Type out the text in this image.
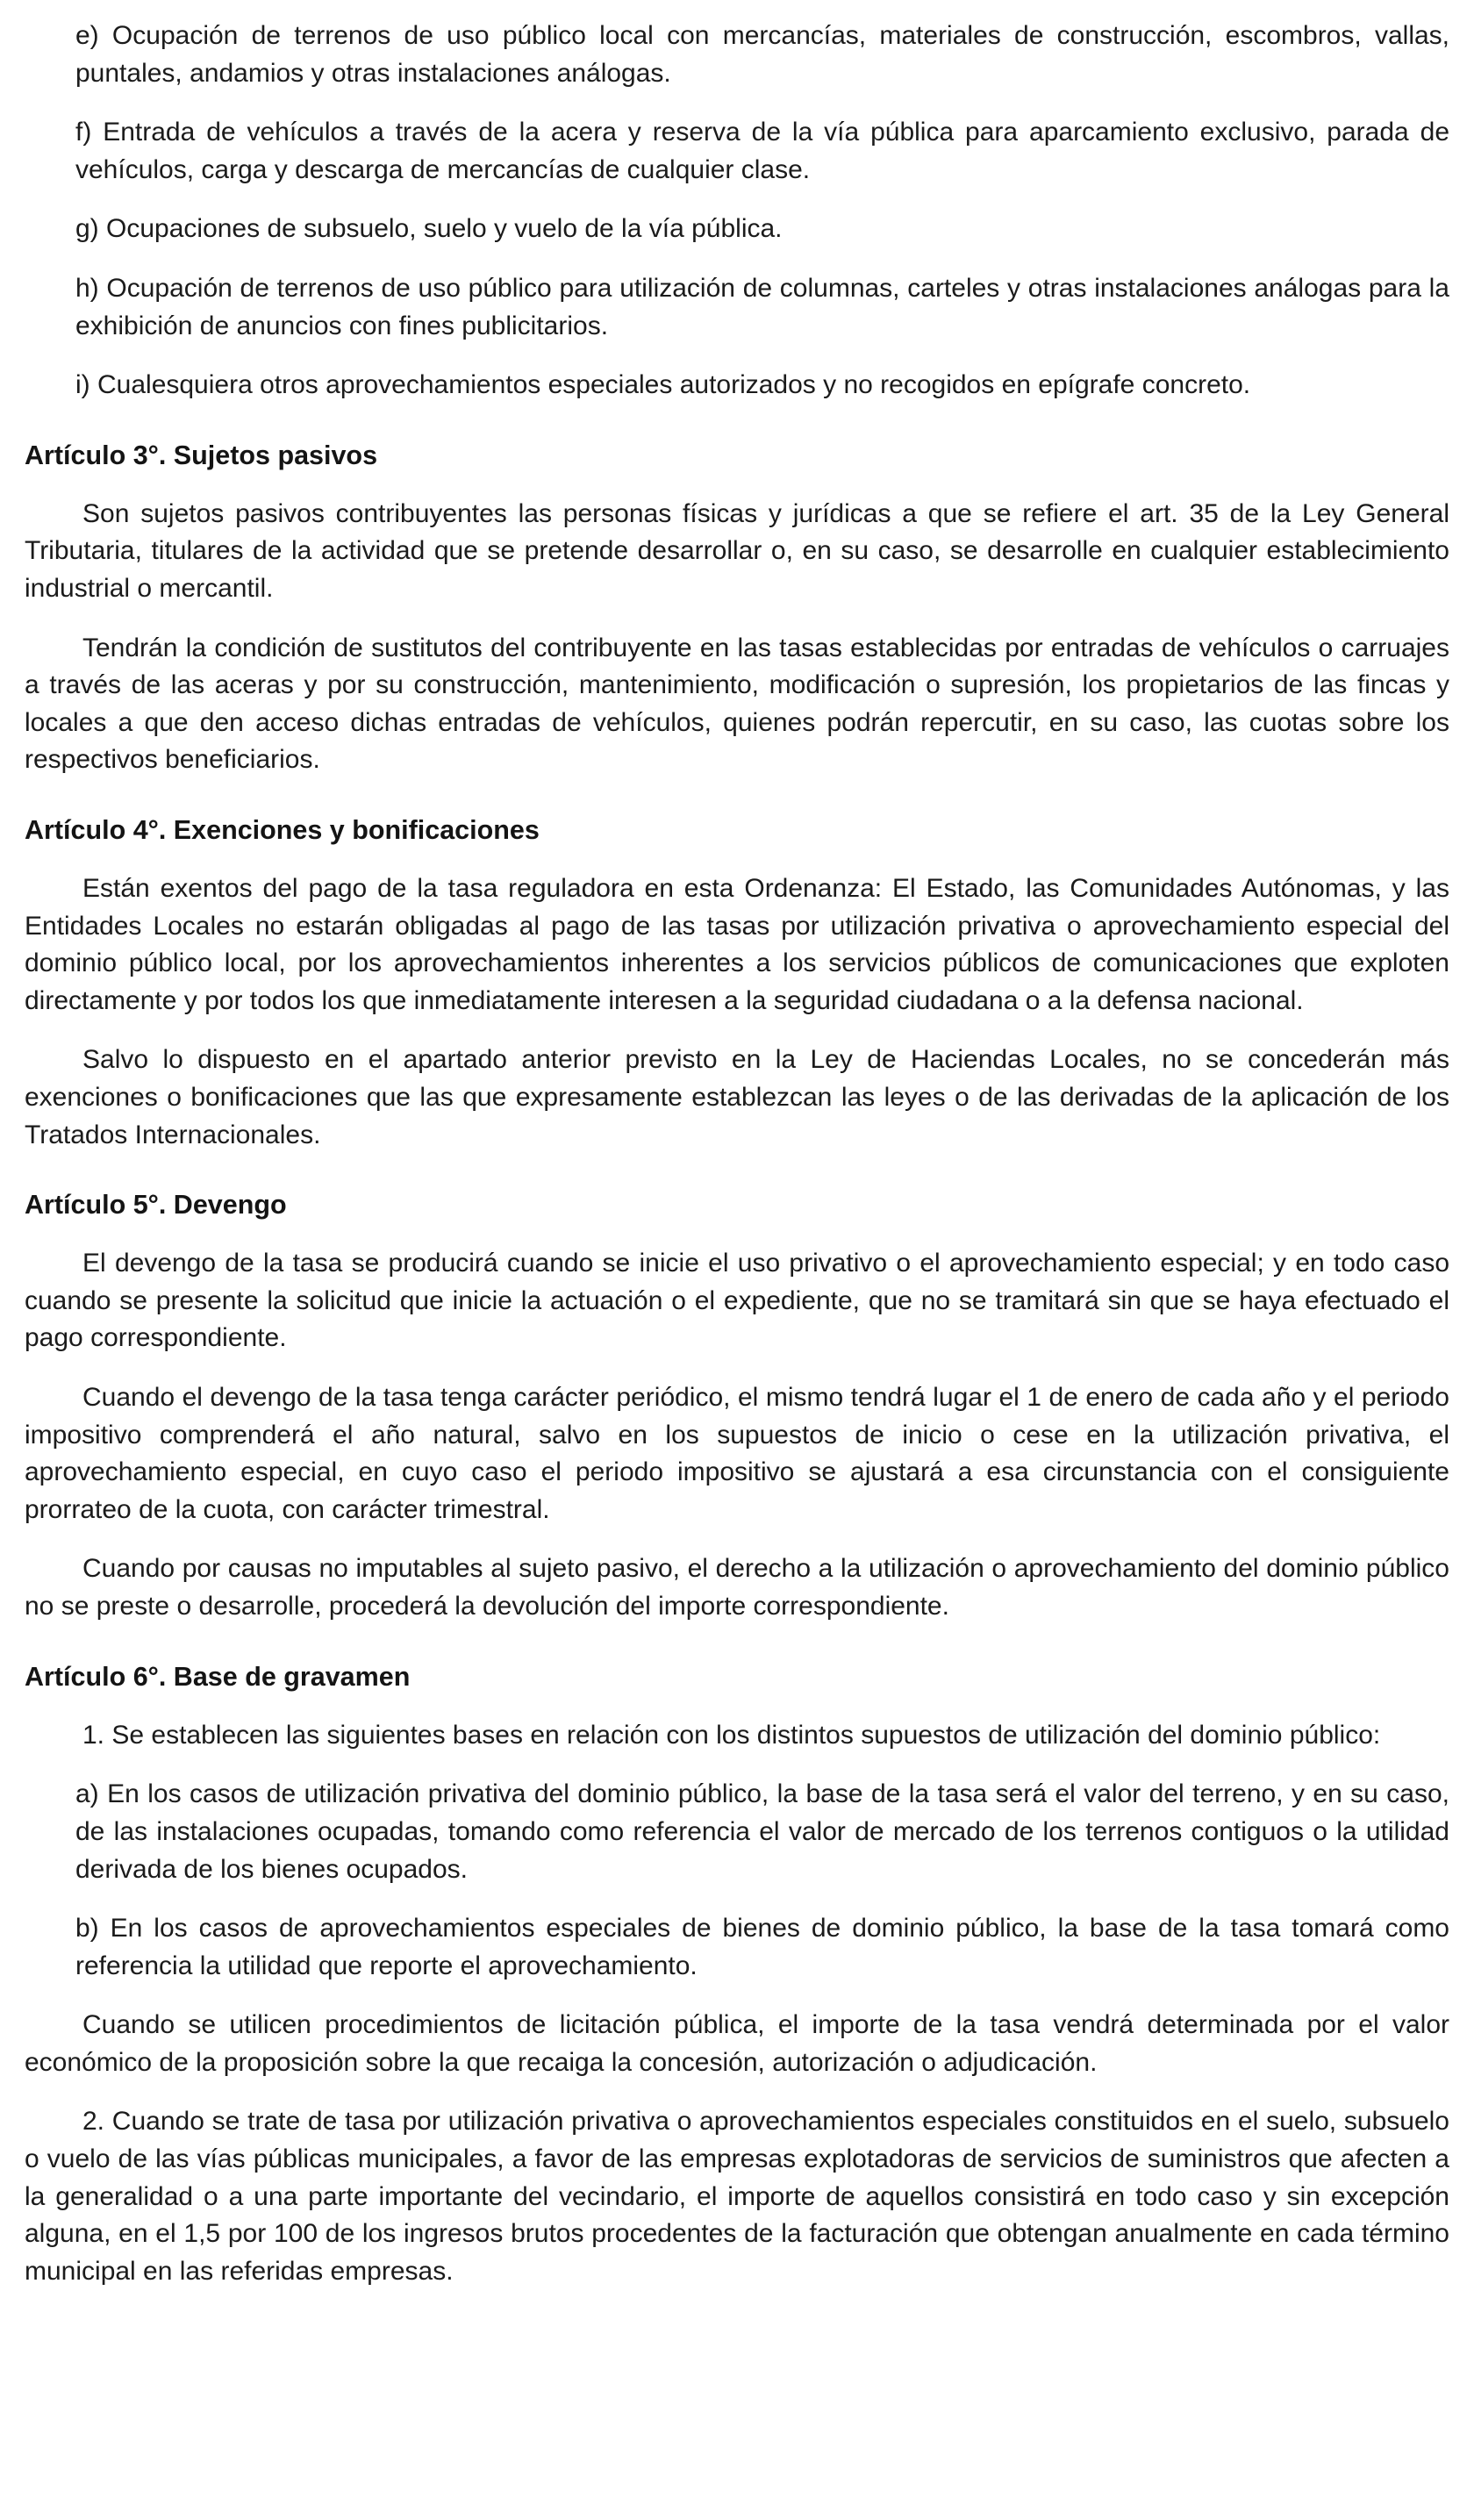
e) Ocupación de terrenos de uso público local con mercancías, materiales de construcción, escombros, vallas, puntales, andamios y otras instalaciones análogas.

f) Entrada de vehículos a través de la acera y reserva de la vía pública para aparcamiento exclusivo, parada de vehículos, carga y descarga de mercancías de cualquier clase.

g) Ocupaciones de subsuelo, suelo y vuelo de la vía pública.

h) Ocupación de terrenos de uso público para utilización de columnas, carteles y otras instalaciones análogas para la exhibición de anuncios con fines publicitarios.

i) Cualesquiera otros aprovechamientos especiales autorizados y no recogidos en epígrafe concreto.

Artículo 3°. Sujetos pasivos

Son sujetos pasivos contribuyentes las personas físicas y jurídicas a que se refiere el art. 35 de la Ley General Tributaria, titulares de la actividad que se pretende desarrollar o, en su caso, se desarrolle en cualquier establecimiento industrial o mercantil.

Tendrán la condición de sustitutos del contribuyente en las tasas establecidas por entradas de vehículos o carruajes a través de las aceras y por su construcción, mantenimiento, modificación o supresión, los propietarios de las fincas y locales a que den acceso dichas entradas de vehículos, quienes podrán repercutir, en su caso, las cuotas sobre los respectivos beneficiarios.

Artículo 4°. Exenciones y bonificaciones

Están exentos del pago de la tasa reguladora en esta Ordenanza: El Estado, las Comunidades Autónomas, y las Entidades Locales no estarán obligadas al pago de las tasas por utilización privativa o aprovechamiento especial del dominio público local, por los aprovechamientos inherentes a los servicios públicos de comunicaciones que exploten directamente y por todos los que inmediatamente interesen a la seguridad ciudadana o a la defensa nacional.

Salvo lo dispuesto en el apartado anterior previsto en la Ley de Haciendas Locales, no se concederán más exenciones o bonificaciones que las que expresamente establezcan las leyes o de las derivadas de la aplicación de los Tratados Internacionales.

Artículo 5°. Devengo

El devengo de la tasa se producirá cuando se inicie el uso privativo o el aprovechamiento especial; y en todo caso cuando se presente la solicitud que inicie la actuación o el expediente, que no se tramitará sin que se haya efectuado el pago correspondiente.

Cuando el devengo de la tasa tenga carácter periódico, el mismo tendrá lugar el 1 de enero de cada año y el periodo impositivo comprenderá el año natural, salvo en los supuestos de inicio o cese en la utilización privativa, el aprovechamiento especial, en cuyo caso el periodo impositivo se ajustará a esa circunstancia con el consiguiente prorrateo de la cuota, con carácter trimestral.

Cuando por causas no imputables al sujeto pasivo, el derecho a la utilización o aprovechamiento del dominio público no se preste o desarrolle, procederá la devolución del importe correspondiente.

Artículo 6°. Base de gravamen

1. Se establecen las siguientes bases en relación con los distintos supuestos de utilización del dominio público:

a) En los casos de utilización privativa del dominio público, la base de la tasa será el valor del terreno, y en su caso, de las instalaciones ocupadas, tomando como referencia el valor de mercado de los terrenos contiguos o la utilidad derivada de los bienes ocupados.

b) En los casos de aprovechamientos especiales de bienes de dominio público, la base de la tasa tomará como referencia la utilidad que reporte el aprovechamiento.

Cuando se utilicen procedimientos de licitación pública, el importe de la tasa vendrá determinada por el valor económico de la proposición sobre la que recaiga la concesión, autorización o adjudicación.

2. Cuando se trate de tasa por utilización privativa o aprovechamientos especiales constituidos en el suelo, subsuelo o vuelo de las vías públicas municipales, a favor de las empresas explotadoras de servicios de suministros que afecten a la generalidad o a una parte importante del vecindario, el importe de aquellos consistirá en todo caso y sin excepción alguna, en el 1,5 por 100 de los ingresos brutos procedentes de la facturación que obtengan anualmente en cada término municipal en las referidas empresas.
